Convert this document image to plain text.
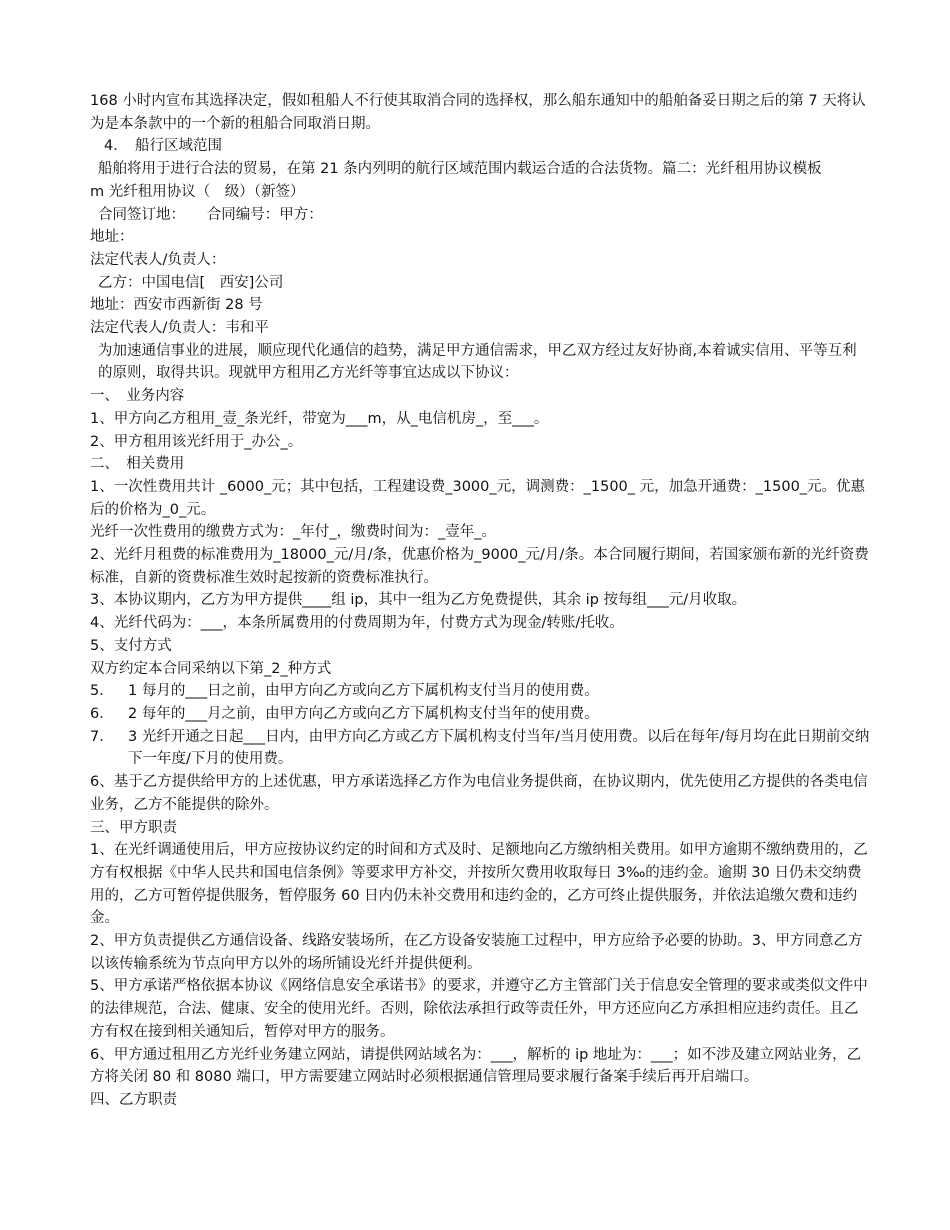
168 小时内宣布其选择决定，假如租船人不行使其取消合同的选择权，那么船东通知中的船舶备妥日期之后的第 7 天将认为是本条款中的一个新的租船合同取消日期。

4．　船行区域范围

船舶将用于进行合法的贸易，在第 21 条内列明的航行区域范围内载运合适的合法货物。篇二：光纤租用协议模板

m 光纤租用协议（　级）（新签）

合同签订地：　　合同编号：甲方：

地址：

法定代表人/负责人：

乙方：中国电信[　西安]公司

地址：西安市西新街 28 号

法定代表人/负责人：韦和平

为加速通信事业的进展，顺应现代化通信的趋势，满足甲方通信需求，甲乙双方经过友好协商,本着诚实信用、平等互利的原则，取得共识。现就甲方租用乙方光纤等事宜达成以下协议：

一、　业务内容

1、甲方向乙方租用_壹_条光纤，带宽为___m，从_电信机房_，至___。

2、甲方租用该光纤用于_办公_。

二、　相关费用

1、一次性费用共计 _6000_元；其中包括，工程建设费_3000_元，调测费：_1500_ 元，加急开通费：_1500_元。优惠后的价格为_0_元。

光纤一次性费用的缴费方式为：_年付_，缴费时间为：_壹年_。

2、光纤月租费的标准费用为_18000_元/月/条，优惠价格为_9000_元/月/条。本合同履行期间，若国家颁布新的光纤资费标准，自新的资费标准生效时起按新的资费标准执行。

3、本协议期内，乙方为甲方提供____组 ip，其中一组为乙方免费提供，其余 ip 按每组___元/月收取。

4、光纤代码为：___，本条所属费用的付费周期为年，付费方式为现金/转账/托收。

5、支付方式

双方约定本合同采纳以下第_2_种方式

5． 1 每月的___日之前，由甲方向乙方或向乙方下属机构支付当月的使用费。

6． 2 每年的___月之前，由甲方向乙方或向乙方下属机构支付当年的使用费。

7． 3 光纤开通之日起___日内，由甲方向乙方或乙方下属机构支付当年/当月使用费。以后在每年/每月均在此日期前交纳下一年度/下月的使用费。

6、基于乙方提供给甲方的上述优惠，甲方承诺选择乙方作为电信业务提供商，在协议期内，优先使用乙方提供的各类电信业务，乙方不能提供的除外。

三、甲方职责

1、在光纤调通使用后，甲方应按协议约定的时间和方式及时、足额地向乙方缴纳相关费用。如甲方逾期不缴纳费用的，乙方有权根据《中华人民共和国电信条例》等要求甲方补交，并按所欠费用收取每日 3‰的违约金。逾期 30 日仍未交纳费用的，乙方可暂停提供服务，暂停服务 60 日内仍未补交费用和违约金的，乙方可终止提供服务，并依法追缴欠费和违约金。

2、甲方负责提供乙方通信设备、线路安装场所，在乙方设备安装施工过程中，甲方应给予必要的协助。3、甲方同意乙方以该传输系统为节点向甲方以外的场所铺设光纤并提供便利。

5、甲方承诺严格依据本协议《网络信息安全承诺书》的要求，并遵守乙方主管部门关于信息安全管理的要求或类似文件中的法律规范，合法、健康、安全的使用光纤。否则，除依法承担行政等责任外，甲方还应向乙方承担相应违约责任。且乙方有权在接到相关通知后，暂停对甲方的服务。

6、甲方通过租用乙方光纤业务建立网站，请提供网站域名为：___，解析的 ip 地址为：___；如不涉及建立网站业务，乙方将关闭 80 和 8080 端口，甲方需要建立网站时必须根据通信管理局要求履行备案手续后再开启端口。

四、乙方职责
